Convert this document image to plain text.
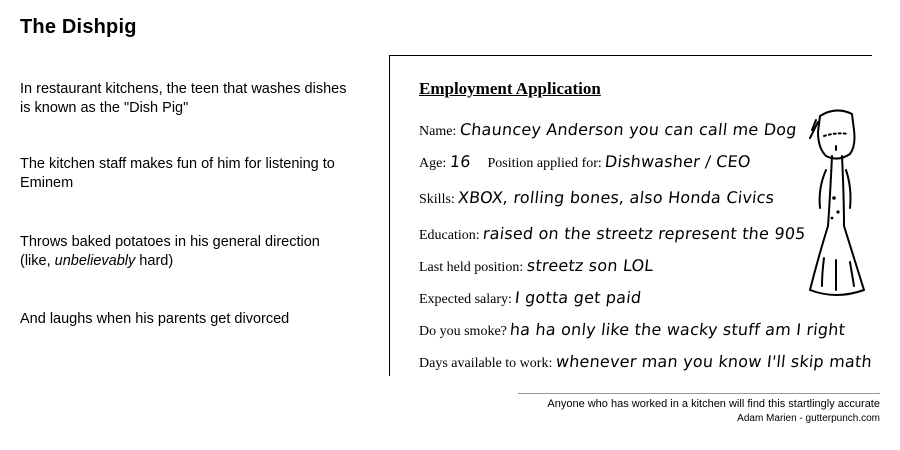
The Dishpig
In restaurant kitchens, the teen that washes dishes is known as the "Dish Pig"
The kitchen staff makes fun of him for listening to Eminem
Throws baked potatoes in his general direction (like, unbelievably hard)
And laughs when his parents get divorced
Employment Application
Name: Chauncey Anderson you can call me Dog
Age: 16 Position applied for: Dishwasher / CEO
Skills: XBOX, rolling bones, also Honda Civics
Education: raised on the streetz represent the 905
Last held position: streetz son LOL
Expected salary: I gotta get paid
Do you smoke? ha ha only like the wacky stuff am I right
Days available to work: whenever man you know I'll skip math
Anyone who has worked in a kitchen will find this startlingly accurate
Adam Marien - gutterpunch.com
